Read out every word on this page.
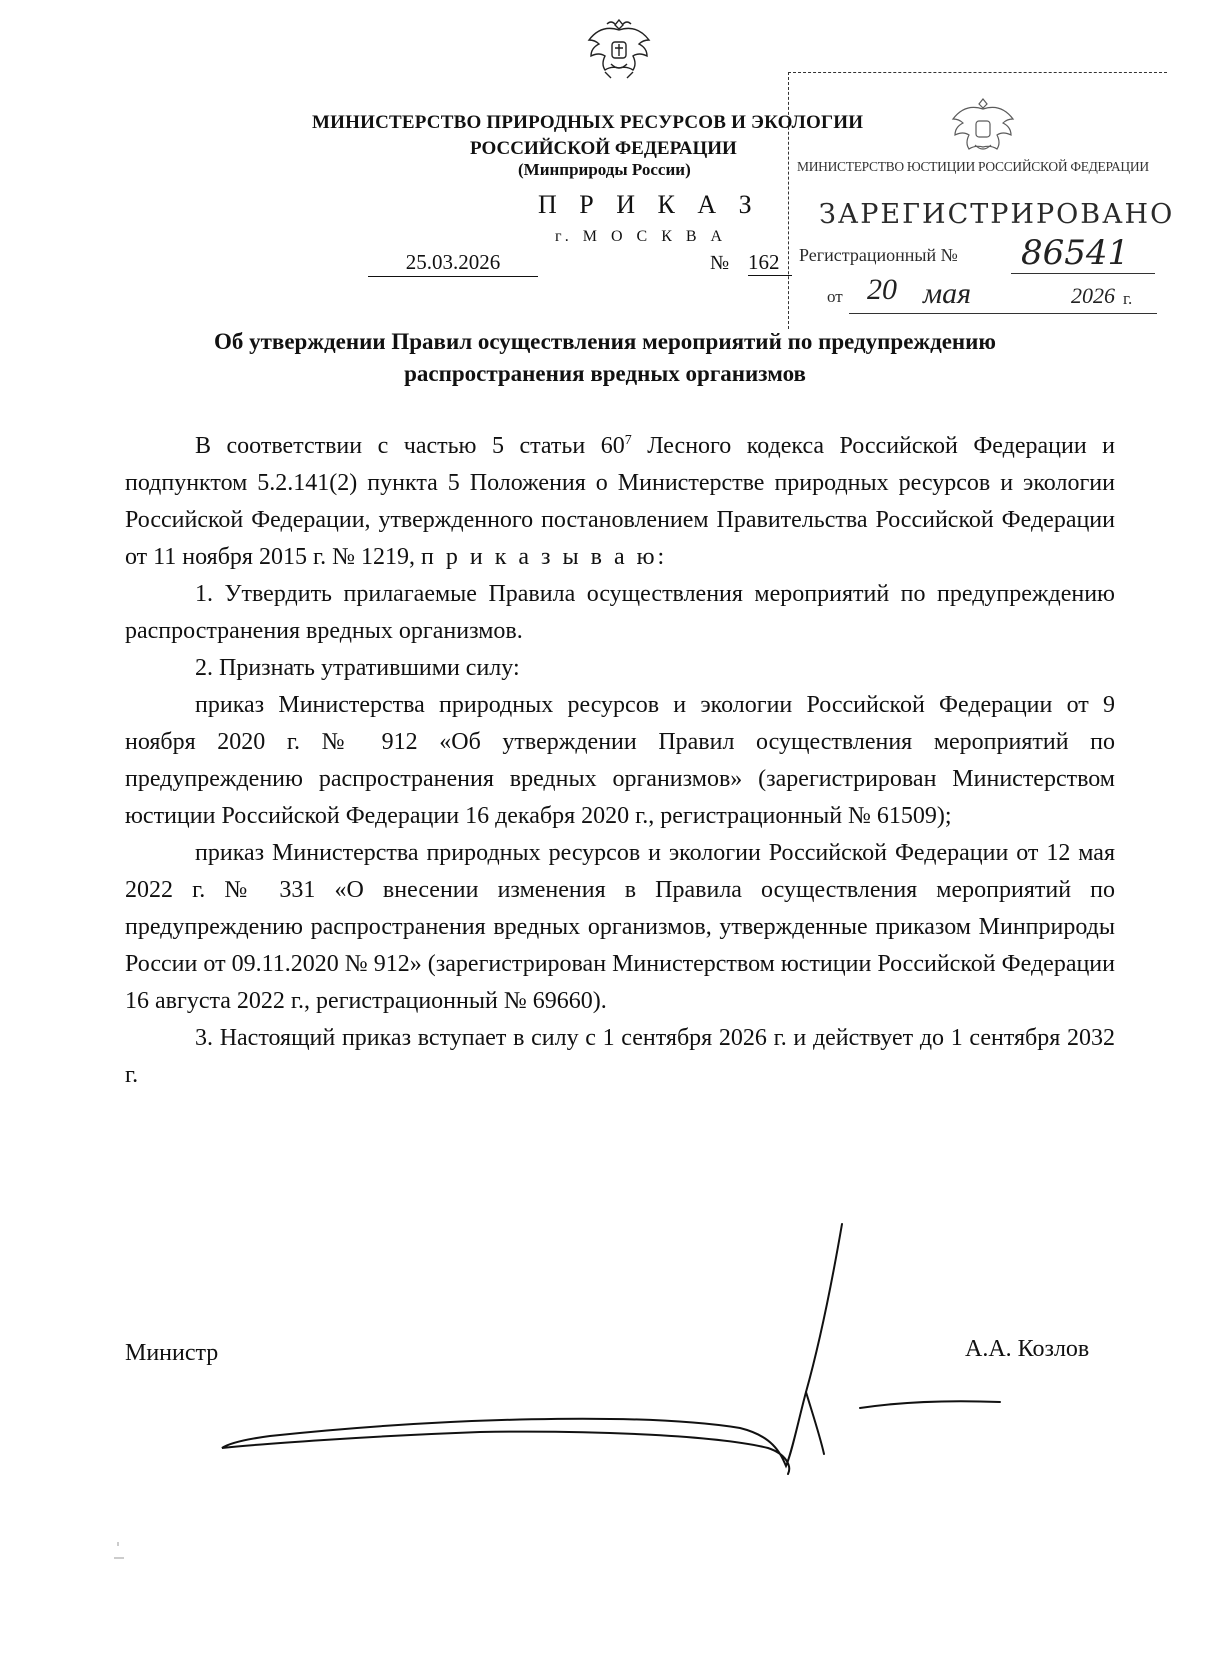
МИНИСТЕРСТВО ПРИРОДНЫХ РЕСУРСОВ И ЭКОЛОГИИ
РОССИЙСКОЙ ФЕДЕРАЦИИ
(Минприроды России)
П Р И К А З
г. М О С К В А
25.03.2026	№ 162
МИНИСТЕРСТВО ЮСТИЦИИ РОССИЙСКОЙ ФЕДЕРАЦИИ
ЗАРЕГИСТРИРОВАНО
Регистрационный № 86541
от 20 мая	2026 г.
Об утверждении Правил осуществления мероприятий по предупреждению
распространения вредных организмов

В соответствии с частью 5 статьи $60^7$ Лесного кодекса Российской Федерации и подпунктом 5.2.141(2) пункта 5 Положения о Министерстве природных ресурсов и экологии Российской Федерации, утвержденного постановлением Правительства Российской Федерации от 11 ноября 2015 г. № 1219, п р и к а з ы в а ю:

1. Утвердить прилагаемые Правила осуществления мероприятий по предупреждению распространения вредных организмов.

2. Признать утратившими силу:

приказ Министерства природных ресурсов и экологии Российской Федерации от 9 ноября 2020 г. № 912 «Об утверждении Правил осуществления мероприятий по предупреждению распространения вредных организмов» (зарегистрирован Министерством юстиции Российской Федерации 16 декабря 2020 г., регистрационный № 61509);

приказ Министерства природных ресурсов и экологии Российской Федерации от 12 мая 2022 г. № 331 «О внесении изменения в Правила осуществления мероприятий по предупреждению распространения вредных организмов, утвержденные приказом Минприроды России от 09.11.2020 № 912» (зарегистрирован Министерством юстиции Российской Федерации 16 августа 2022 г., регистрационный № 69660).

3. Настоящий приказ вступает в силу с 1 сентября 2026 г. и действует до 1 сентября 2032 г.

Министр	А.А. Козлов
